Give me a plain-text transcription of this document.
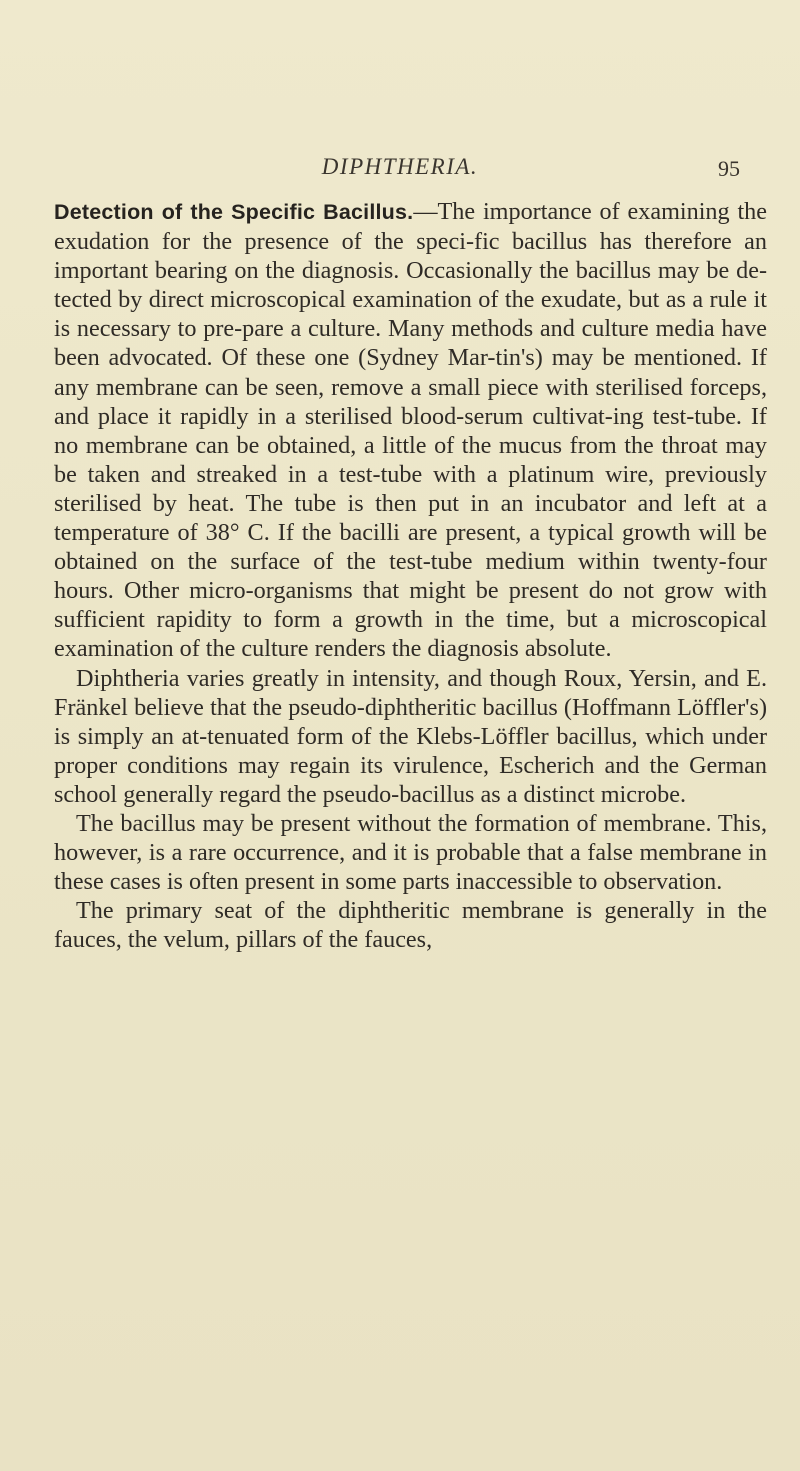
DIPHTHERIA.	95

Detection of the Specific Bacillus.—The importance of examining the exudation for the presence of the speci-fic bacillus has therefore an important bearing on the diagnosis. Occasionally the bacillus may be de-tected by direct microscopical examination of the exudate, but as a rule it is necessary to pre-pare a culture. Many methods and culture media have been advocated. Of these one (Sydney Mar-tin's) may be mentioned. If any membrane can be seen, remove a small piece with sterilised forceps, and place it rapidly in a sterilised blood-serum cultivat-ing test-tube. If no membrane can be obtained, a little of the mucus from the throat may be taken and streaked in a test-tube with a platinum wire, previously sterilised by heat. The tube is then put in an incubator and left at a temperature of 38° C. If the bacilli are present, a typical growth will be obtained on the surface of the test-tube medium within twenty-four hours. Other micro-organisms that might be present do not grow with sufficient rapidity to form a growth in the time, but a microscopical examination of the culture renders the diagnosis absolute.

Diphtheria varies greatly in intensity, and though Roux, Yersin, and E. Fränkel believe that the pseudo-diphtheritic bacillus (Hoffmann Löffler's) is simply an at-tenuated form of the Klebs-Löffler bacillus, which under proper conditions may regain its virulence, Escherich and the German school generally regard the pseudo-bacillus as a distinct microbe.

The bacillus may be present without the formation of membrane. This, however, is a rare occurrence, and it is probable that a false membrane in these cases is often present in some parts inaccessible to observation.

The primary seat of the diphtheritic membrane is generally in the fauces, the velum, pillars of the fauces,
